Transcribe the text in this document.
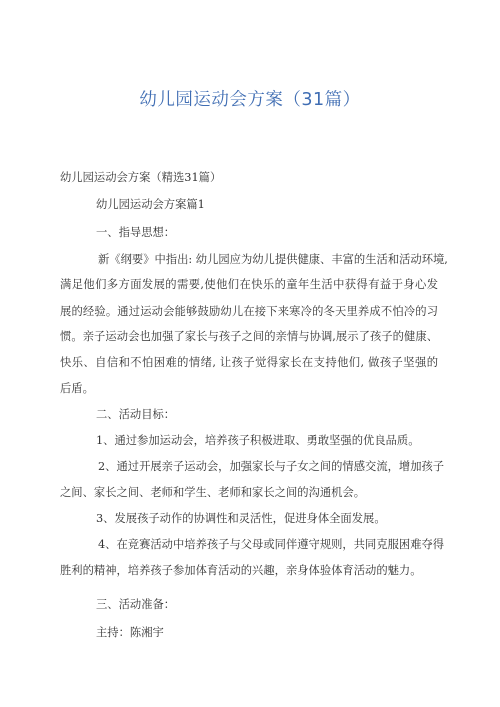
幼儿园运动会方案（31篇）

幼儿园运动会方案（精选31篇）

幼儿园运动会方案篇1

一、指导思想：

新《纲要》中指出: 幼儿园应为幼儿提供健康、丰富的生活和活动环境,

满足他们多方面发展的需要,使他们在快乐的童年生活中获得有益于身心发

展的经验。通过运动会能够鼓励幼儿在接下来寒冷的冬天里养成不怕冷的习

惯。亲子运动会也加强了家长与孩子之间的亲情与协调,展示了孩子的健康、

快乐、自信和不怕困难的情绪, 让孩子觉得家长在支持他们, 做孩子坚强的

后盾。

二、活动目标：

1、通过参加运动会，培养孩子积极进取、勇敢坚强的优良品质。

2、通过开展亲子运动会，加强家长与子女之间的情感交流，增加孩子

之间、家长之间、老师和学生、老师和家长之间的沟通机会。

3、发展孩子动作的协调性和灵活性，促进身体全面发展。

4、在竞赛活动中培养孩子与父母或同伴遵守规则，共同克服困难夺得

胜利的精神，培养孩子参加体育活动的兴趣，亲身体验体育活动的魅力。

三、活动准备：

主持：陈湘宇
